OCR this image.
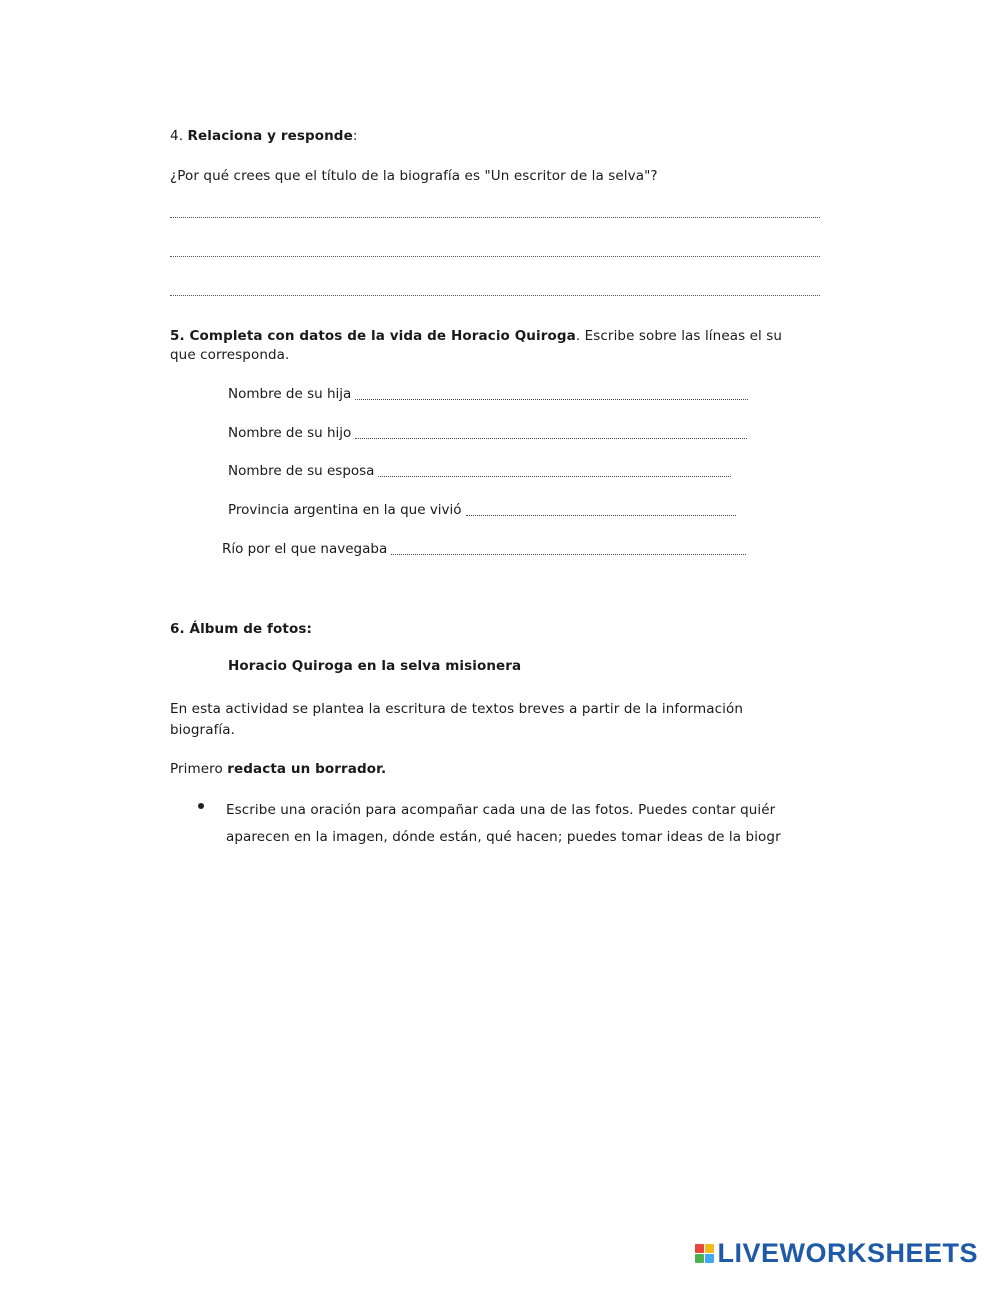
4. Relaciona y responde:
¿Por qué crees que el título de la biografía es "Un escritor de la selva"?
5. Completa con datos de la vida de Horacio Quiroga. Escribe sobre las líneas el su
que corresponda.
Nombre de su hija
Nombre de su hijo
Nombre de su esposa
Provincia argentina en la que vivió
Río por el que navegaba
6. Álbum de fotos:
Horacio Quiroga en la selva misionera
En esta actividad se plantea la escritura de textos breves a partir de la información
biografía.
Primero redacta un borrador.
Escribe una oración para acompañar cada una de las fotos. Puedes contar quiér
aparecen en la imagen, dónde están, qué hacen; puedes tomar ideas de la biogr
LIVEWORKSHEETS
